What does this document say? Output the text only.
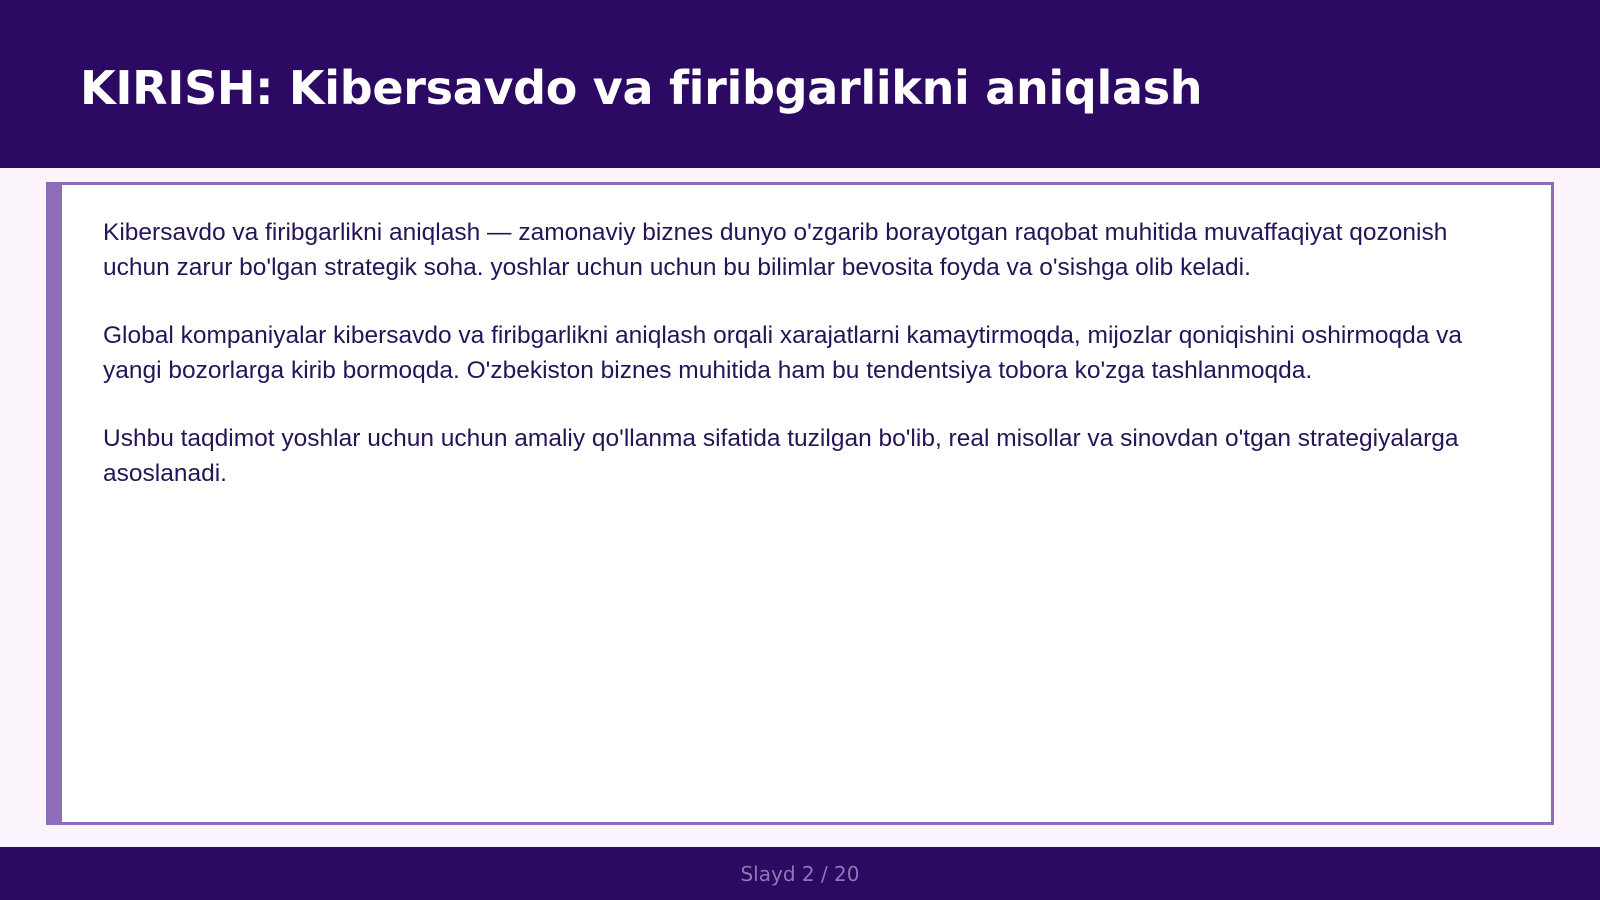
KIRISH: Kibersavdo va firibgarlikni aniqlash

Kibersavdo va firibgarlikni aniqlash — zamonaviy biznes dunyo o'zgarib borayotgan raqobat muhitida muvaffaqiyat qozonish uchun zarur bo'lgan strategik soha. yoshlar uchun uchun bu bilimlar bevosita foyda va o'sishga olib keladi.

Global kompaniyalar kibersavdo va firibgarlikni aniqlash orqali xarajatlarni kamaytirmoqda, mijozlar qoniqishini oshirmoqda va yangi bozorlarga kirib bormoqda. O'zbekiston biznes muhitida ham bu tendentsiya tobora ko'zga tashlanmoqda.

Ushbu taqdimot yoshlar uchun uchun amaliy qo'llanma sifatida tuzilgan bo'lib, real misollar va sinovdan o'tgan strategiyalarga asoslanadi.

Slayd 2 / 20
